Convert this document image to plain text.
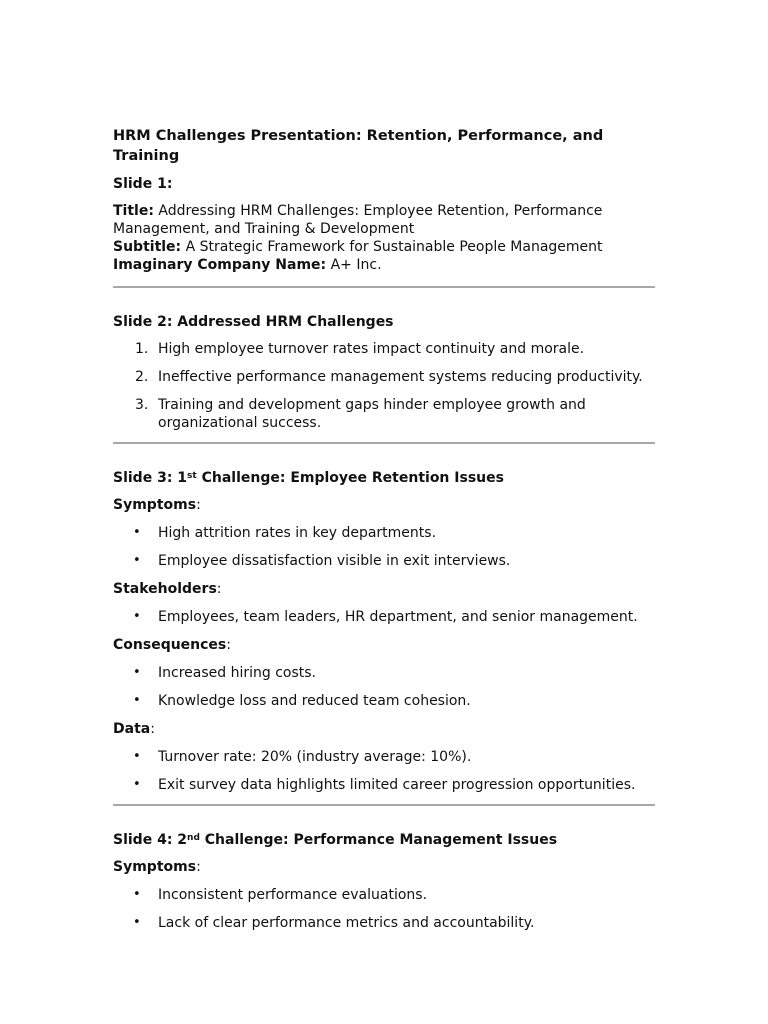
HRM Challenges Presentation: Retention, Performance, and Training
Slide 1:

Title: Addressing HRM Challenges: Employee Retention, Performance Management, and Training & Development

Subtitle: A Strategic Framework for Sustainable People Management

Imaginary Company Name: A+ Inc.

Slide 2: Addressed HRM Challenges
1. High employee turnover rates impact continuity and morale.
2. Ineffective performance management systems reducing productivity.
3. Training and development gaps hinder employee growth and organizational success.
Slide 3: 1st Challenge: Employee Retention Issues

Symptoms:

• High attrition rates in key departments.
• Employee dissatisfaction visible in exit interviews.

Stakeholders:

• Employees, team leaders, HR department, and senior management.

Consequences:

• Increased hiring costs.
• Knowledge loss and reduced team cohesion.

Data:

• Turnover rate: 20% (industry average: 10%).
• Exit survey data highlights limited career progression opportunities.
Slide 4: 2nd Challenge: Performance Management Issues

Symptoms:

• Inconsistent performance evaluations.
• Lack of clear performance metrics and accountability.
